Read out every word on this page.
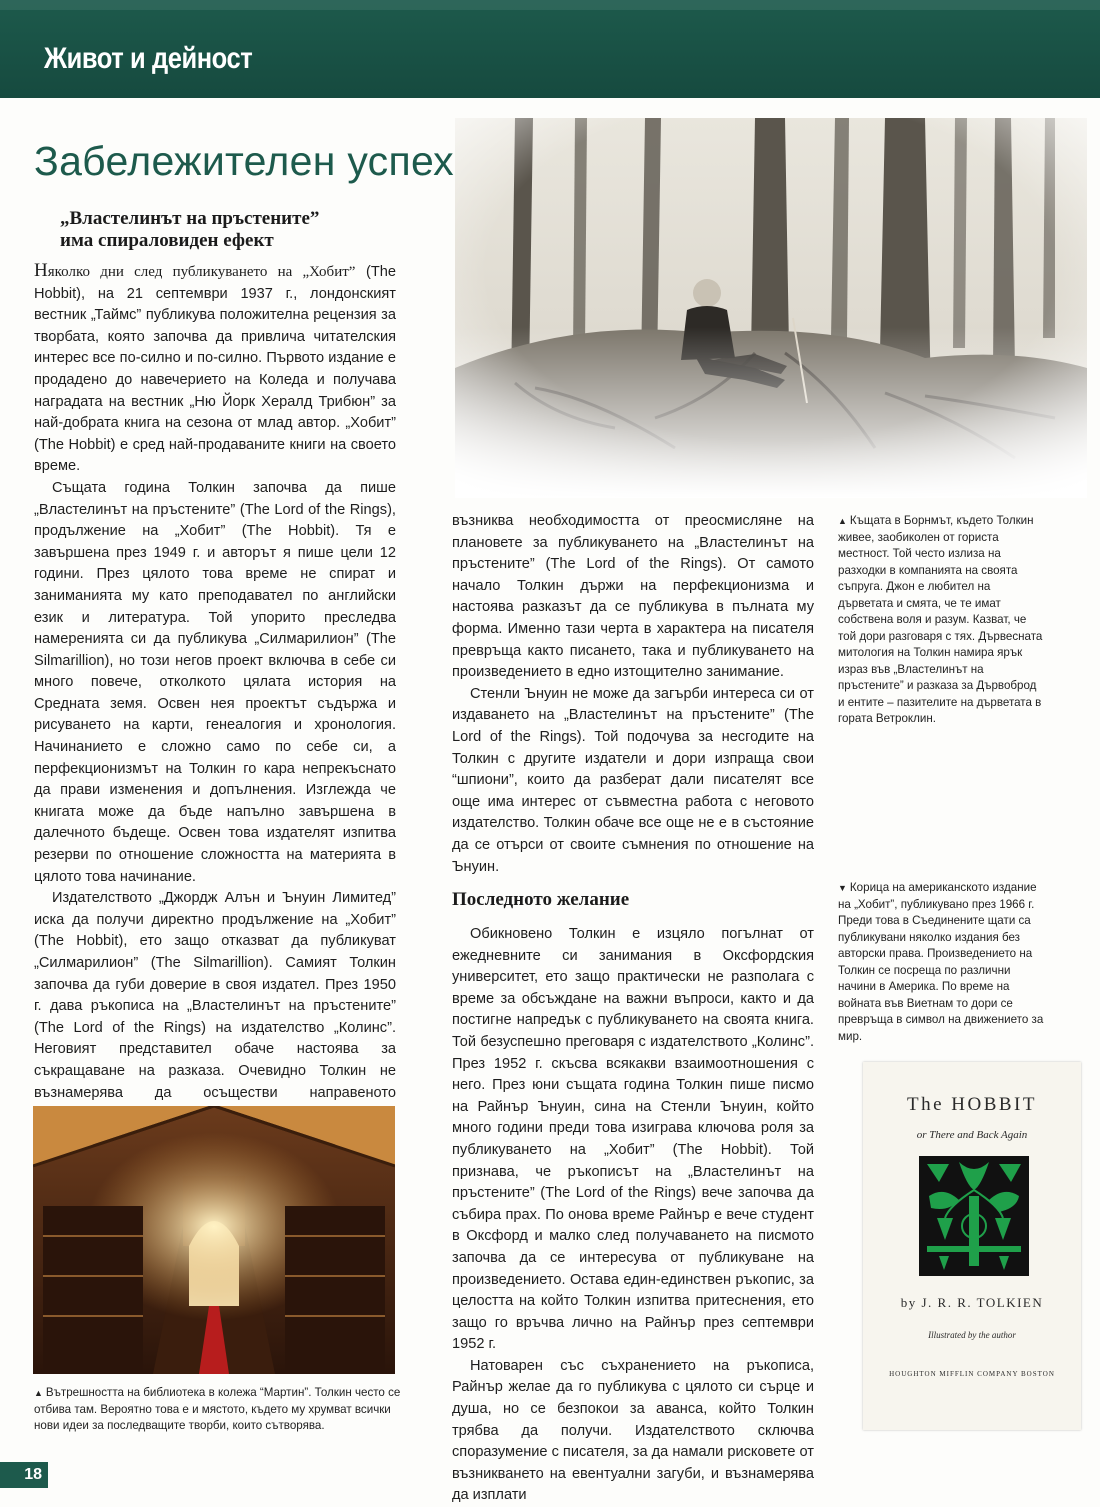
Живот и дейност
Забележителен успех
„Властелинът на пръстените”
има спираловиден ефект

Няколко дни след публикуването на „Хобит” (The Hobbit), на 21 септември 1937 г., лондонският вестник „Таймс” публикува положителна рецензия за творбата, която започва да привлича читателския интерес все по-силно и по-силно. Първото издание е продадено до навечерието на Коледа и получава наградата на вестник „Ню Йорк Хералд Трибюн” за най-добрата книга на сезона от млад автор. „Хобит” (The Hobbit) е сред най-продаваните книги на своето време.

Същата година Толкин започва да пише „Властелинът на пръстените” (The Lord of the Rings), продължение на „Хобит” (The Hobbit). Тя е завършена през 1949 г. и авторът я пише цели 12 години. През цялото това време не спират и заниманията му като преподавател по английски език и литература. Той упорито преследва намеренията си да публикува „Силмарилион” (The Silmarillion), но този негов проект включва в себе си много повече, отколкото цялата история на Средната земя. Освен нея проектът съдържа и рисуването на карти, генеалогия и хронология. Начинанието е сложно само по себе си, а перфекционизмът на Толкин го кара непрекъснато да прави изменения и допълнения. Изглежда че книгата може да бъде напълно завършена в далечното бъдеще. Освен това издателят изпитва резерви по отношение сложността на материята в цялото това начинание.

Издателството „Джордж Алън и Ънуин Лимитед” иска да получи директно продължение на „Хобит” (The Hobbit), ето защо отказват да публикуват „Силмарилион” (The Silmarillion). Самият Толкин започва да губи доверие в своя издател. През 1950 г. дава ръкописа на „Властелинът на пръстените” (The Lord of the Rings) на издателство „Колинс”. Неговият представител обаче настоява за съкращаване на разказа. Очевидно Толкин не възнамерява да осъществи направеното

▲ Къщата в Борнмът, където Толкин живее, заобиколен от гориста местност. Той често излиза на разходки в компанията на своята съпруга. Джон е любител на дърветата и смята, че те имат собствена воля и разум. Казват, че той дори разговаря с тях. Дървесната митология на Толкин намира ярък израз във „Властелинът на пръстените” и разказа за Дървоброд и ентите – пазителите на дърветата в гората Ветроклин.

възниква необходимостта от преосмисляне на плановете за публикуването на „Властелинът на пръстените” (The Lord of the Rings). От самото начало Толкин държи на перфекционизма и настоява разказът да се публикува в пълната му форма. Именно тази черта в характера на писателя превръща както писането, така и публикуването на произведението в едно изтощително занимание.

Стенли Ънуин не може да загърби интереса си от издаването на „Властелинът на пръстените” (The Lord of the Rings). Той подочува за несгодите на Толкин с другите издатели и дори изпраща свои “шпиони”, които да разберат дали писателят все още има интерес от съвместна работа с неговото издателство. Толкин обаче все още не е в състояние да се отърси от своите съмнения по отношение на Ънуин.

Последното желание

Обикновено Толкин е изцяло погълнат от ежедневните си занимания в Оксфордския университет, ето защо практически не разполага с време за обсъждане на важни въпроси, както и да постигне напредък с публикуването на своята книга. Той безуспешно преговаря с издателството „Колинс”. През 1952 г. скъсва всякакви взаимоотношения с него. През юни същата година Толкин пише писмо на Райнър Ънуин, сина на Стенли Ънуин, който много години преди това изиграва ключова роля за публикуването на „Хобит” (The Hobbit). Той признава, че ръкописът на „Властелинът на пръстените” (The Lord of the Rings) вече започва да събира прах. По онова време Райнър е вече студент в Оксфорд и малко след получаването на писмото започва да се интересува от публикуване на произведението. Остава един-единствен ръкопис, за целостта на който Толкин изпитва притеснения, ето защо го връчва лично на Райнър през септември 1952 г.

Натоварен със съхранението на ръкописа, Райнър желае да го публикува с цялото си сърце и душа, но се безпокои за аванса, който Толкин трябва да получи. Издателството сключва споразумение с писателя, за да намали рисковете от възникването на евентуални загуби, и възнамерява да изплати

▼ Корица на американското издание на „Хобит”, публикувано през 1966 г. Преди това в Съединените щати са публикувани няколко издания без авторски права. Произведението на Толкин се посреща по различни начини в Америка. По време на войната във Виетнам то дори се превръща в символ на движението за мир.
The HOBBIT
or There and Back Again
by J. R. R. TOLKIEN
Illustrated by the author
HOUGHTON MIFFLIN COMPANY BOSTON
▲ Вътрешността на библиотека в колежа “Мартин”. Толкин често се отбива там. Вероятно това е и мястото, където му хрумват всички нови идеи за последващите творби, които сътворява.
18
